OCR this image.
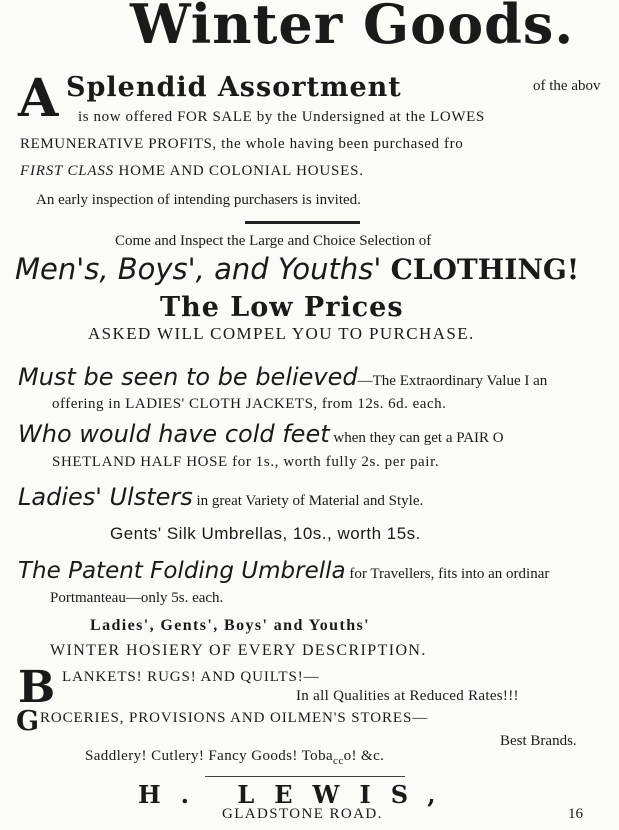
Winter Goods.
A Splendid Assortment	of the abov
is now offered FOR SALE by the Undersigned at the LOWES
REMUNERATIVE PROFITS, the whole having been purchased fro
FIRST CLASS HOME AND COLONIAL HOUSES.
An early inspection of intending purchasers is invited.
Come and Inspect the Large and Choice Selection of
Men's, Boys', and Youths' CLOTHING!
The Low Prices
ASKED WILL COMPEL YOU TO PURCHASE.
Must be seen to be believed—The Extraordinary Value I an
offering in LADIES' CLOTH JACKETS, from 12s. 6d. each.
Who would have cold feet when they can get a PAIR O
SHETLAND HALF HOSE for 1s., worth fully 2s. per pair.
Ladies' Ulsters in great Variety of Material and Style.
Gents' Silk Umbrellas, 10s., worth 15s.
The Patent Folding Umbrella for Travellers, fits into an ordinar
Portmanteau—only 5s. each.
Ladies', Gents', Boys' and Youths'
WINTER HOSIERY OF EVERY DESCRIPTION.
B LANKETS! RUGS! AND QUILTS!—
In all Qualities at Reduced Rates!!!
G ROCERIES, PROVISIONS AND OILMEN'S STORES—
Best Brands.
Saddlery! Cutlery! Fancy Goods! Toba$_{cc}$o! &c.
H. LEWIS,
GLADSTONE ROAD.	16
